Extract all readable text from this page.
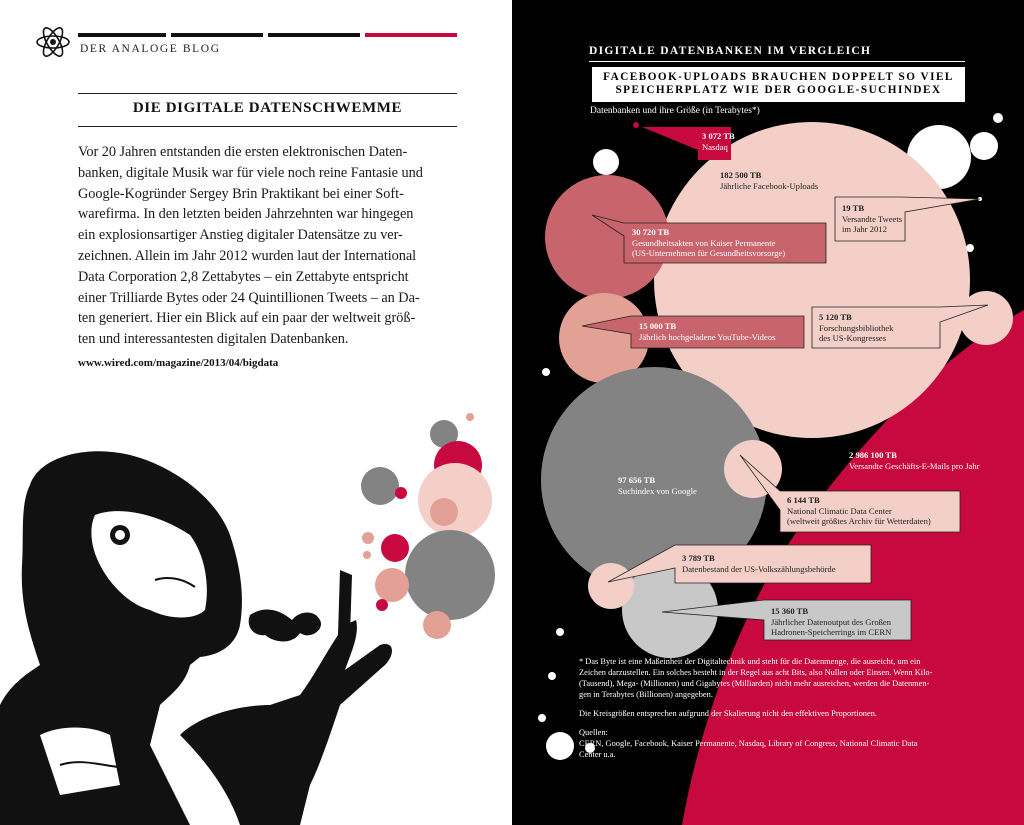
DER ANALOGE BLOG
DIE DIGITALE DATENSCHWEMME
Vor 20 Jahren entstanden die ersten elektronischen Daten-
banken, digitale Musik war für viele noch reine Fantasie und
Google-Kogründer Sergey Brin Praktikant bei einer Soft-
warefirma. In den letzten beiden Jahrzehnten war hingegen
ein explosionsartiger Anstieg digitaler Datensätze zu ver-
zeichnen. Allein im Jahr 2012 wurden laut der International
Data Corporation 2,8 Zettabytes – ein Zettabyte entspricht
einer Trilliarde Bytes oder 24 Quintillionen Tweets – an Da-
ten generiert. Hier ein Blick auf ein paar der weltweit größ-
ten und interessantesten digitalen Datenbanken.
www.wired.com/magazine/2013/04/bigdata
DIGITALE DATENBANKEN IM VERGLEICH
FACEBOOK-UPLOADS BRAUCHEN DOPPELT SO VIEL
SPEICHERPLATZ WIE DER GOOGLE-SUCHINDEX
Datenbanken und ihre Größe (in Terabytes*)
3 072 TB
Nasdaq
182 500 TB
Jährliche Facebook-Uploads
19 TB
Versandte Tweets
im Jahr 2012
30 720 TB
Gesundheitsakten von Kaiser Permanente
(US-Unternehmen für Gesundheitsvorsorge)
15 000 TB
Jährlich hochgeladene YouTube-Videos
5 120 TB
Forschungsbibliothek
des US-Kongresses
2 986 100 TB
Versandte Geschäfts-E-Mails pro Jahr
97 656 TB
Suchindex von Google
6 144 TB
National Climatic Data Center
(weltweit größtes Archiv für Wetterdaten)
3 789 TB
Datenbestand der US-Volkszählungsbehörde
15 360 TB
Jährlicher Datenoutput des Großen
Hadronen-Speicherrings im CERN

* Das Byte ist eine Maßeinheit der Digitaltechnik und steht für die Datenmenge, die ausreicht, um ein
Zeichen darzustellen. Ein solches besteht in der Regel aus acht Bits, also Nullen oder Einsen. Wenn Kilo-
(Tausend), Mega- (Millionen) und Gigabytes (Milliarden) nicht mehr ausreichen, werden die Datenmen-
gen in Terabytes (Billionen) angegeben.

Die Kreisgrößen entsprechen aufgrund der Skalierung nicht den effektiven Proportionen.

Quellen:
CERN, Google, Facebook, Kaiser Permanente, Nasdaq, Library of Congress, National Climatic Data
Center u.a.
